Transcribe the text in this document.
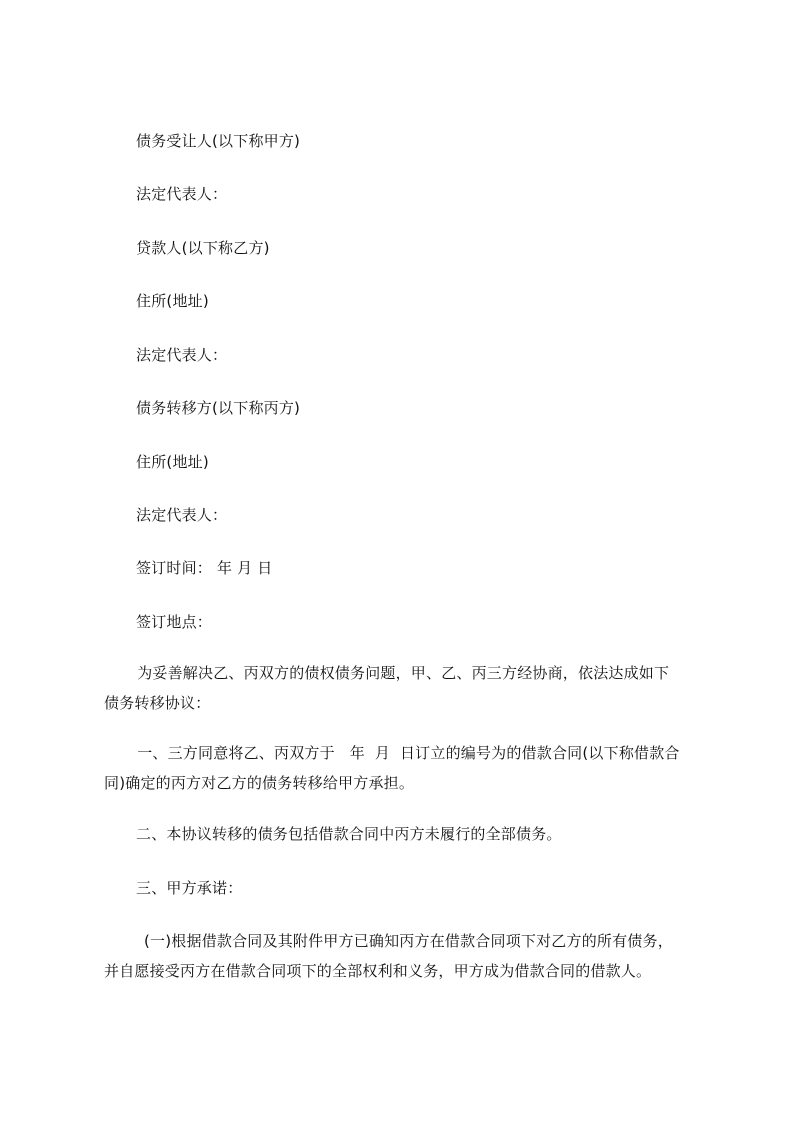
债务受让人(以下称甲方)
法定代表人：
贷款人(以下称乙方)
住所(地址)
法定代表人：
债务转移方(以下称丙方)
住所(地址)
法定代表人：
签订时间： 年 月 日
签订地点：
　为妥善解决乙、丙双方的债权债务问题，甲、乙、丙三方经协商，依法达成如下
债务转移协议：
　一、三方同意将乙、丙双方于   年  月  日订立的编号为的借款合同(以下称借款合
同)确定的丙方对乙方的债务转移给甲方承担。
二、本协议转移的债务包括借款合同中丙方未履行的全部债务。
三、甲方承诺：
(一)根据借款合同及其附件甲方已确知丙方在借款合同项下对乙方的所有债务，
并自愿接受丙方在借款合同项下的全部权利和义务，甲方成为借款合同的借款人。
